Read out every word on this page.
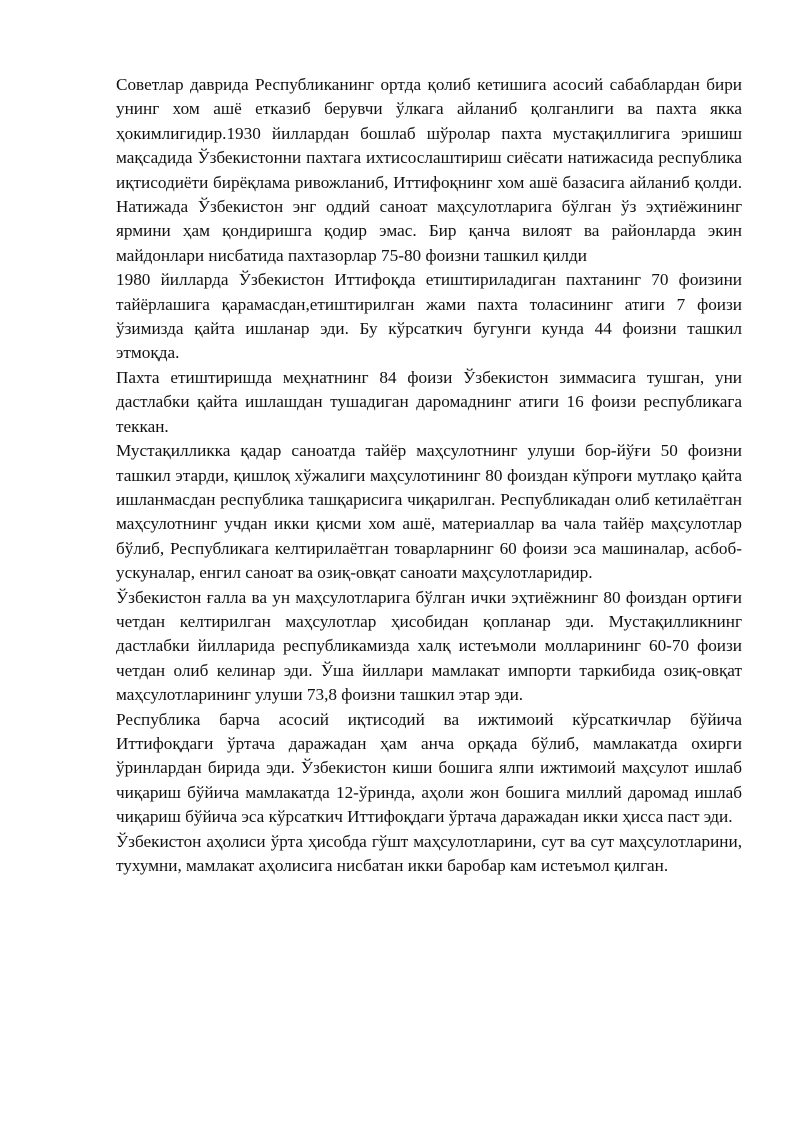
Советлар даврида Республиканинг ортда қолиб кетишига асосий сабаблардан бири унинг хом ашё етказиб берувчи ўлкага айланиб қолганлиги ва пахта якка ҳокимлигидир.1930 йиллардан бошлаб шўролар пахта мустақиллигига эришиш мақсадида Ўзбекистонни пахтага ихтисослаштириш сиёсати натижасида республика иқтисодиёти бирёқлама ривожланиб, Иттифоқнинг хом ашё базасига айланиб қолди. Натижада Ўзбекистон энг оддий саноат маҳсулотларига бўлган ўз эҳтиёжининг ярмини ҳам қондиришга қодир эмас. Бир қанча вилоят ва районларда экин майдонлари нисбатида пахтазорлар 75-80 фоизни ташкил қилди

1980 йилларда Ўзбекистон Иттифоқда етиштириладиган пахтанинг 70 фоизини тайёрлашига қарамасдан,етиштирилган жами пахта толасининг атиги 7 фоизи ўзимизда қайта ишланар эди. Бу кўрсаткич бугунги кунда 44 фоизни ташкил этмоқда.

Пахта етиштиришда меҳнатнинг 84 фоизи Ўзбекистон зиммасига тушган, уни дастлабки қайта ишлашдан тушадиган даромаднинг атиги 16 фоизи республикага теккан.

Мустақилликка қадар саноатда тайёр маҳсулотнинг улуши бор-йўғи 50 фоизни ташкил этарди, қишлоқ хўжалиги маҳсулотининг 80 фоиздан кўпроғи мутлақо қайта ишланмасдан республика ташқарисига чиқарилган. Республикадан олиб кетилаётган маҳсулотнинг учдан икки қисми хом ашё, материаллар ва чала тайёр маҳсулотлар бўлиб, Республикага келтирилаётган товарларнинг 60 фоизи эса машиналар, асбоб-ускуналар, енгил саноат ва озиқ-овқат саноати маҳсулотларидир.

Ўзбекистон ғалла ва ун маҳсулотларига бўлган ички эҳтиёжнинг 80 фоиздан ортиғи четдан келтирилган маҳсулотлар ҳисобидан қопланар эди. Мустақилликнинг дастлабки йилларида республикамизда халқ истеъмоли молларининг 60-70 фоизи четдан олиб келинар эди. Ўша йиллари мамлакат импорти таркибида озиқ-овқат маҳсулотларининг улуши 73,8 фоизни ташкил этар эди.

Республика барча асосий иқтисодий ва ижтимоий кўрсаткичлар бўйича Иттифоқдаги ўртача даражадан ҳам анча орқада бўлиб, мамлакатда охирги ўринлардан бирида эди. Ўзбекистон киши бошига ялпи ижтимоий маҳсулот ишлаб чиқариш бўйича мамлакатда 12-ўринда, аҳоли жон бошига миллий даромад ишлаб чиқариш бўйича эса кўрсаткич Иттифоқдаги ўртача даражадан икки ҳисса паст эди.

Ўзбекистон аҳолиси ўрта ҳисобда гўшт маҳсулотларини, сут ва сут маҳсулотларини, тухумни, мамлакат аҳолисига нисбатан икки баробар кам истеъмол қилган.
